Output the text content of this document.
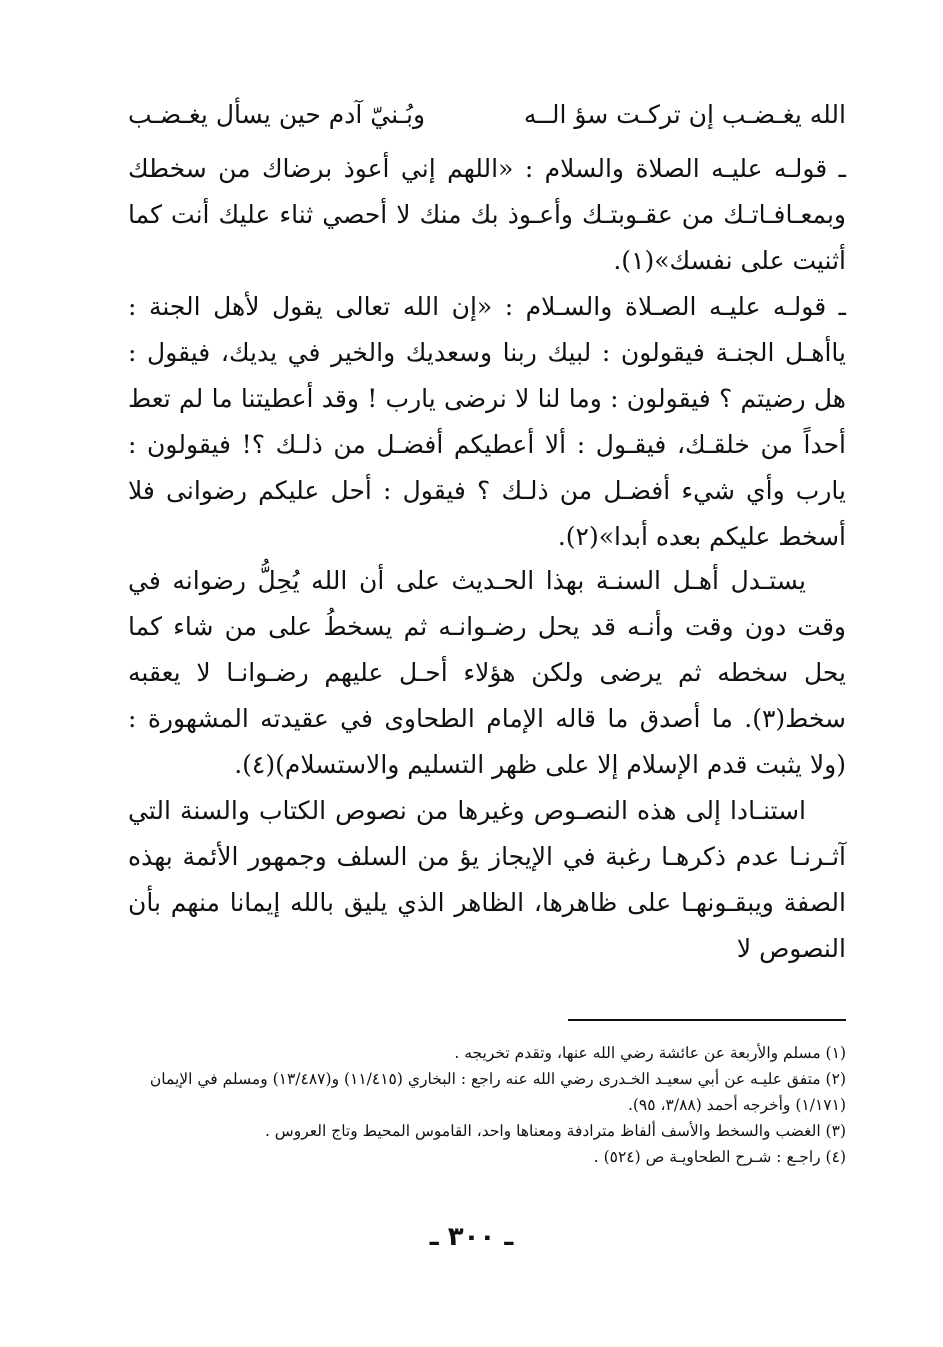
الله يغـضـب إن تركـت سؤ الــه
وبُـنيّ آدم حين يسأل يغـضـب

ـ قولـه عليـه الصلاة والسلام : «اللهم إني أعوذ برضاك من سخطك وبمعـافـاتـك من عقـوبتـك وأعـوذ بك منك لا أحصي ثناء عليك أنت كما أثنيت على نفسك»(١).

ـ قولـه عليـه الصـلاة والسـلام : «إن الله تعالى يقول لأهل الجنة : ياأهـل الجنـة فيقولون : لبيك ربنا وسعديك والخير في يديك، فيقول : هل رضيتم ؟ فيقولون : وما لنا لا نرضى يارب ! وقد أعطيتنا ما لم تعط أحداً من خلقـك، فيقـول : ألا أعطيكم أفضـل من ذلـك ؟! فيقولون : يارب وأي شيء أفضـل من ذلـك ؟ فيقول : أحل عليكم رضوانى فلا أسخط عليكم بعده أبدا»(٢).

يستـدل أهـل السنـة بهذا الحـديث على أن الله يُحِلُّ رضوانه في وقت دون وقت وأنـه قد يحل رضـوانـه ثم يسخطُ على من شاء كما يحل سخطه ثم يرضى ولكن هؤلاء أحـل عليهم رضـوانـا لا يعقبه سخط(٣). ما أصدق ما قاله الإمام الطحاوى في عقيدته المشهورة : (ولا يثبت قدم الإسلام إلا على ظهر التسليم والاستسلام)(٤).

استنـادا إلى هذه النصـوص وغيرها من نصوص الكتاب والسنة التي آثـرنـا عدم ذكرهـا رغبة في الإيجاز يؤ من السلف وجمهور الأئمة بهذه الصفة ويبقـونهـا على ظاهرها، الظاهر الذي يليق بالله إيمانا منهم بأن النصوص لا

(١) مسلم والأربعة عن عائشة رضي الله عنها، وتقدم تخريجه .
(٢) متفق عليـه عن أبي سعيـد الخـدرى رضي الله عنه راجع : البخاري (١١/٤١٥) و(١٣/٤٨٧) ومسلم في الإيمان (١/١٧١) وأخرجه أحمد (٣/٨٨، ٩٥).
(٣) الغضب والسخط والأسف ألفاظ مترادفة ومعناها واحد، القاموس المحيط وتاج العروس .
(٤) راجـع : شـرح الطحاويـة ص (٥٢٤) .
ـ ٣٠٠ ـ
